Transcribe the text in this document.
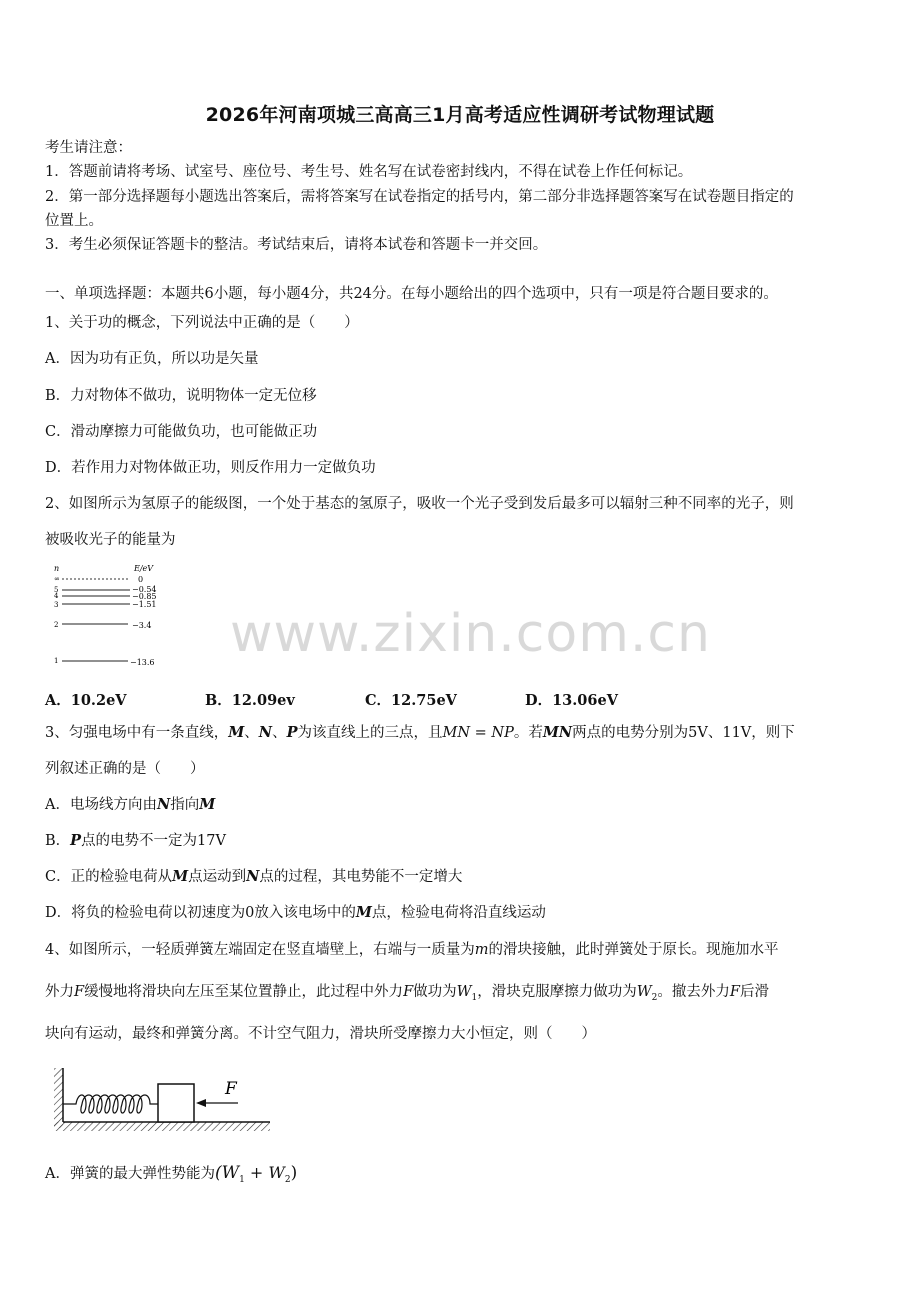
2026年河南项城三高高三1月高考适应性调研考试物理试题
考生请注意：
1．答题前请将考场、试室号、座位号、考生号、姓名写在试卷密封线内，不得在试卷上作任何标记。
2．第一部分选择题每小题选出答案后，需将答案写在试卷指定的括号内，第二部分非选择题答案写在试卷题目指定的
位置上。
3．考生必须保证答题卡的整洁。考试结束后，请将本试卷和答题卡一并交回。
一、单项选择题：本题共6小题，每小题4分，共24分。在每小题给出的四个选项中，只有一项是符合题目要求的。
1、关于功的概念，下列说法中正确的是（　　）
A．因为功有正负，所以功是矢量
B．力对物体不做功，说明物体一定无位移
C．滑动摩擦力可能做负功，也可能做正功
D．若作用力对物体做正功，则反作用力一定做负功
2、如图所示为氢原子的能级图，一个处于基态的氢原子，吸收一个光子受到发后最多可以辐射三种不同率的光子，则
被吸收光子的能量为
n	E/eV
∞	0
5	−0.54
4	−0.85
3	−1.51
2	−3.4
1	−13.6 www.zixin.com.cn
A．10.2eV	B．12.09ev	C．12.75eV	D．13.06eV
3、匀强电场中有一条直线，M、N、P为该直线上的三点，且MN = NP。若MN两点的电势分别为5V、11V，则下
列叙述正确的是（　　）
A．电场线方向由N指向M
B．P点的电势不一定为17V
C．正的检验电荷从M点运动到N点的过程，其电势能不一定增大
D．将负的检验电荷以初速度为0放入该电场中的M点，检验电荷将沿直线运动
4、如图所示，一轻质弹簧左端固定在竖直墙壁上，右端与一质量为m的滑块接触，此时弹簧处于原长。现施加水平
外力F缓慢地将滑块向左压至某位置静止，此过程中外力F做功为$W_1$，滑块克服摩擦力做功为$W_2$。撤去外力F后滑
块向有运动，最终和弹簧分离。不计空气阻力，滑块所受摩擦力大小恒定，则（　　）
F
A．弹簧的最大弹性势能为$(W_1 + W_2)$
